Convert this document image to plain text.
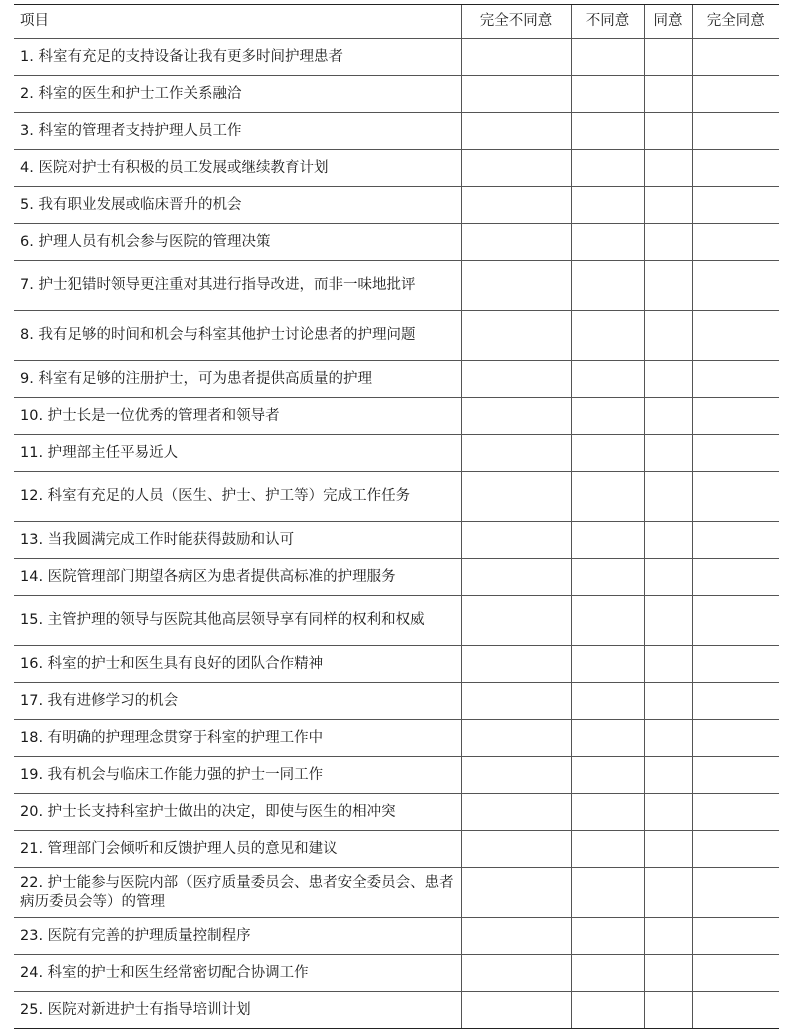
项目	完全不同意	不同意	同意	完全同意
1. 科室有充足的支持设备让我有更多时间护理患者				
2. 科室的医生和护士工作关系融洽				
3. 科室的管理者支持护理人员工作				
4. 医院对护士有积极的员工发展或继续教育计划				
5. 我有职业发展或临床晋升的机会				
6. 护理人员有机会参与医院的管理决策				
7. 护士犯错时领导更注重对其进行指导改进，而非一味地批评				
8. 我有足够的时间和机会与科室其他护士讨论患者的护理问题				
9. 科室有足够的注册护士，可为患者提供高质量的护理				
10. 护士长是一位优秀的管理者和领导者				
11. 护理部主任平易近人				
12. 科室有充足的人员（医生、护士、护工等）完成工作任务				
13. 当我圆满完成工作时能获得鼓励和认可				
14. 医院管理部门期望各病区为患者提供高标准的护理服务				
15. 主管护理的领导与医院其他高层领导享有同样的权利和权威				
16. 科室的护士和医生具有良好的团队合作精神				
17. 我有进修学习的机会				
18. 有明确的护理理念贯穿于科室的护理工作中				
19. 我有机会与临床工作能力强的护士一同工作				
20. 护士长支持科室护士做出的决定，即使与医生的相冲突				
21. 管理部门会倾听和反馈护理人员的意见和建议				
22. 护士能参与医院内部（医疗质量委员会、患者安全委员会、患者病历委员会等）的管理				
23. 医院有完善的护理质量控制程序				
24. 科室的护士和医生经常密切配合协调工作				
25. 医院对新进护士有指导培训计划				
